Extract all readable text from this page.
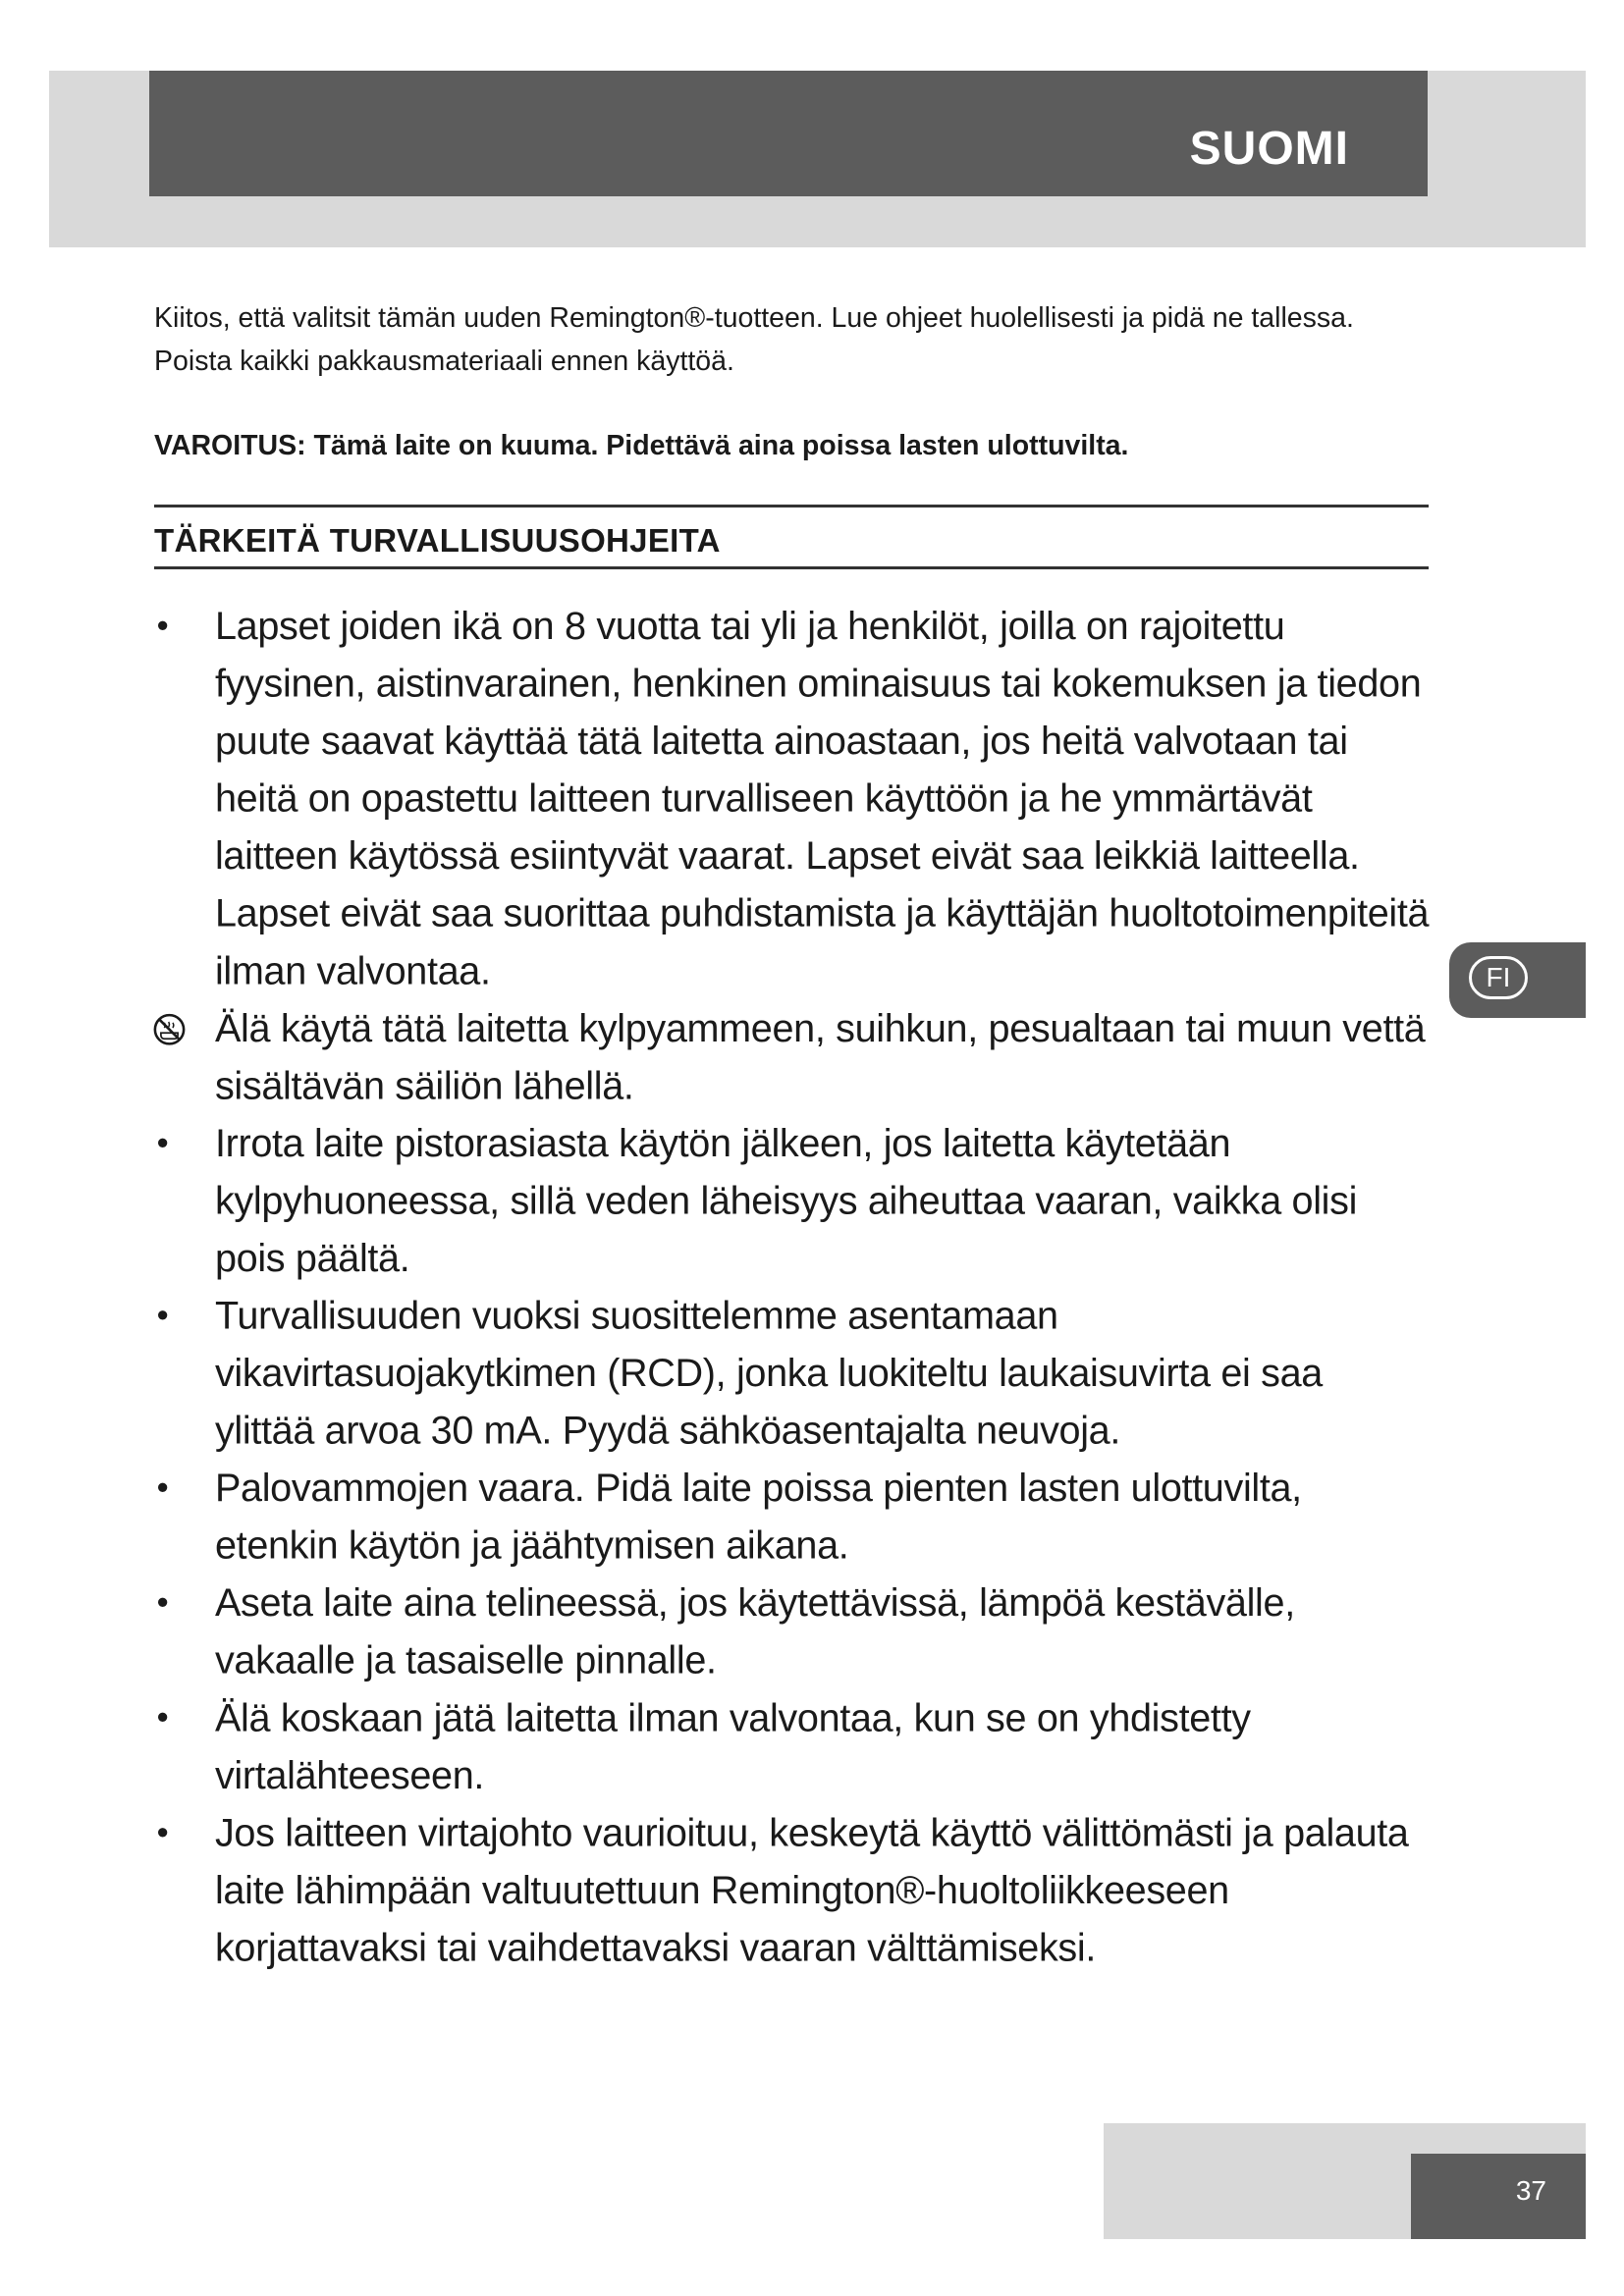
SUOMI

Kiitos, että valitsit tämän uuden Remington®-tuotteen. Lue ohjeet huolellisesti ja pidä ne tallessa. Poista kaikki pakkausmateriaali ennen käyttöä.

VAROITUS: Tämä laite on kuuma. Pidettävä aina poissa lasten ulottuvilta.

TÄRKEITÄ TURVALLISUUSOHJEITA
• Lapset joiden ikä on 8 vuotta tai yli ja henkilöt, joilla on rajoitettu fyysinen, aistinvarainen, henkinen ominaisuus tai kokemuksen ja tiedon puute saavat käyttää tätä laitetta ainoastaan, jos heitä valvotaan tai heitä on opastettu laitteen turvalliseen käyttöön ja he ymmärtävät laitteen käytössä esiintyvät vaarat. Lapset eivät saa leikkiä laitteella. Lapset eivät saa suorittaa puhdistamista ja käyttäjän huoltotoimenpiteitä ilman valvontaa.
Älä käytä tätä laitetta kylpyammeen, suihkun, pesualtaan tai muun vettä sisältävän säiliön lähellä.
• Irrota laite pistorasiasta käytön jälkeen, jos laitetta käytetään kylpyhuoneessa, sillä veden läheisyys aiheuttaa vaaran, vaikka olisi pois päältä.
• Turvallisuuden vuoksi suosittelemme asentamaan vikavirtasuojakytkimen (RCD), jonka luokiteltu laukaisuvirta ei saa ylittää arvoa 30 mA. Pyydä sähköasentajalta neuvoja.
• Palovammojen vaara. Pidä laite poissa pienten lasten ulottuvilta, etenkin käytön ja jäähtymisen aikana.
• Aseta laite aina telineessä, jos käytettävissä, lämpöä kestävälle, vakaalle ja tasaiselle pinnalle.
• Älä koskaan jätä laitetta ilman valvontaa, kun se on yhdistetty virtalähteeseen.
• Jos laitteen virtajohto vaurioituu, keskeytä käyttö välittömästi ja palauta laite lähimpään valtuutettuun Remington®-huoltoliikkeeseen korjattavaksi tai vaihdettavaksi vaaran välttämiseksi.
FI
37
